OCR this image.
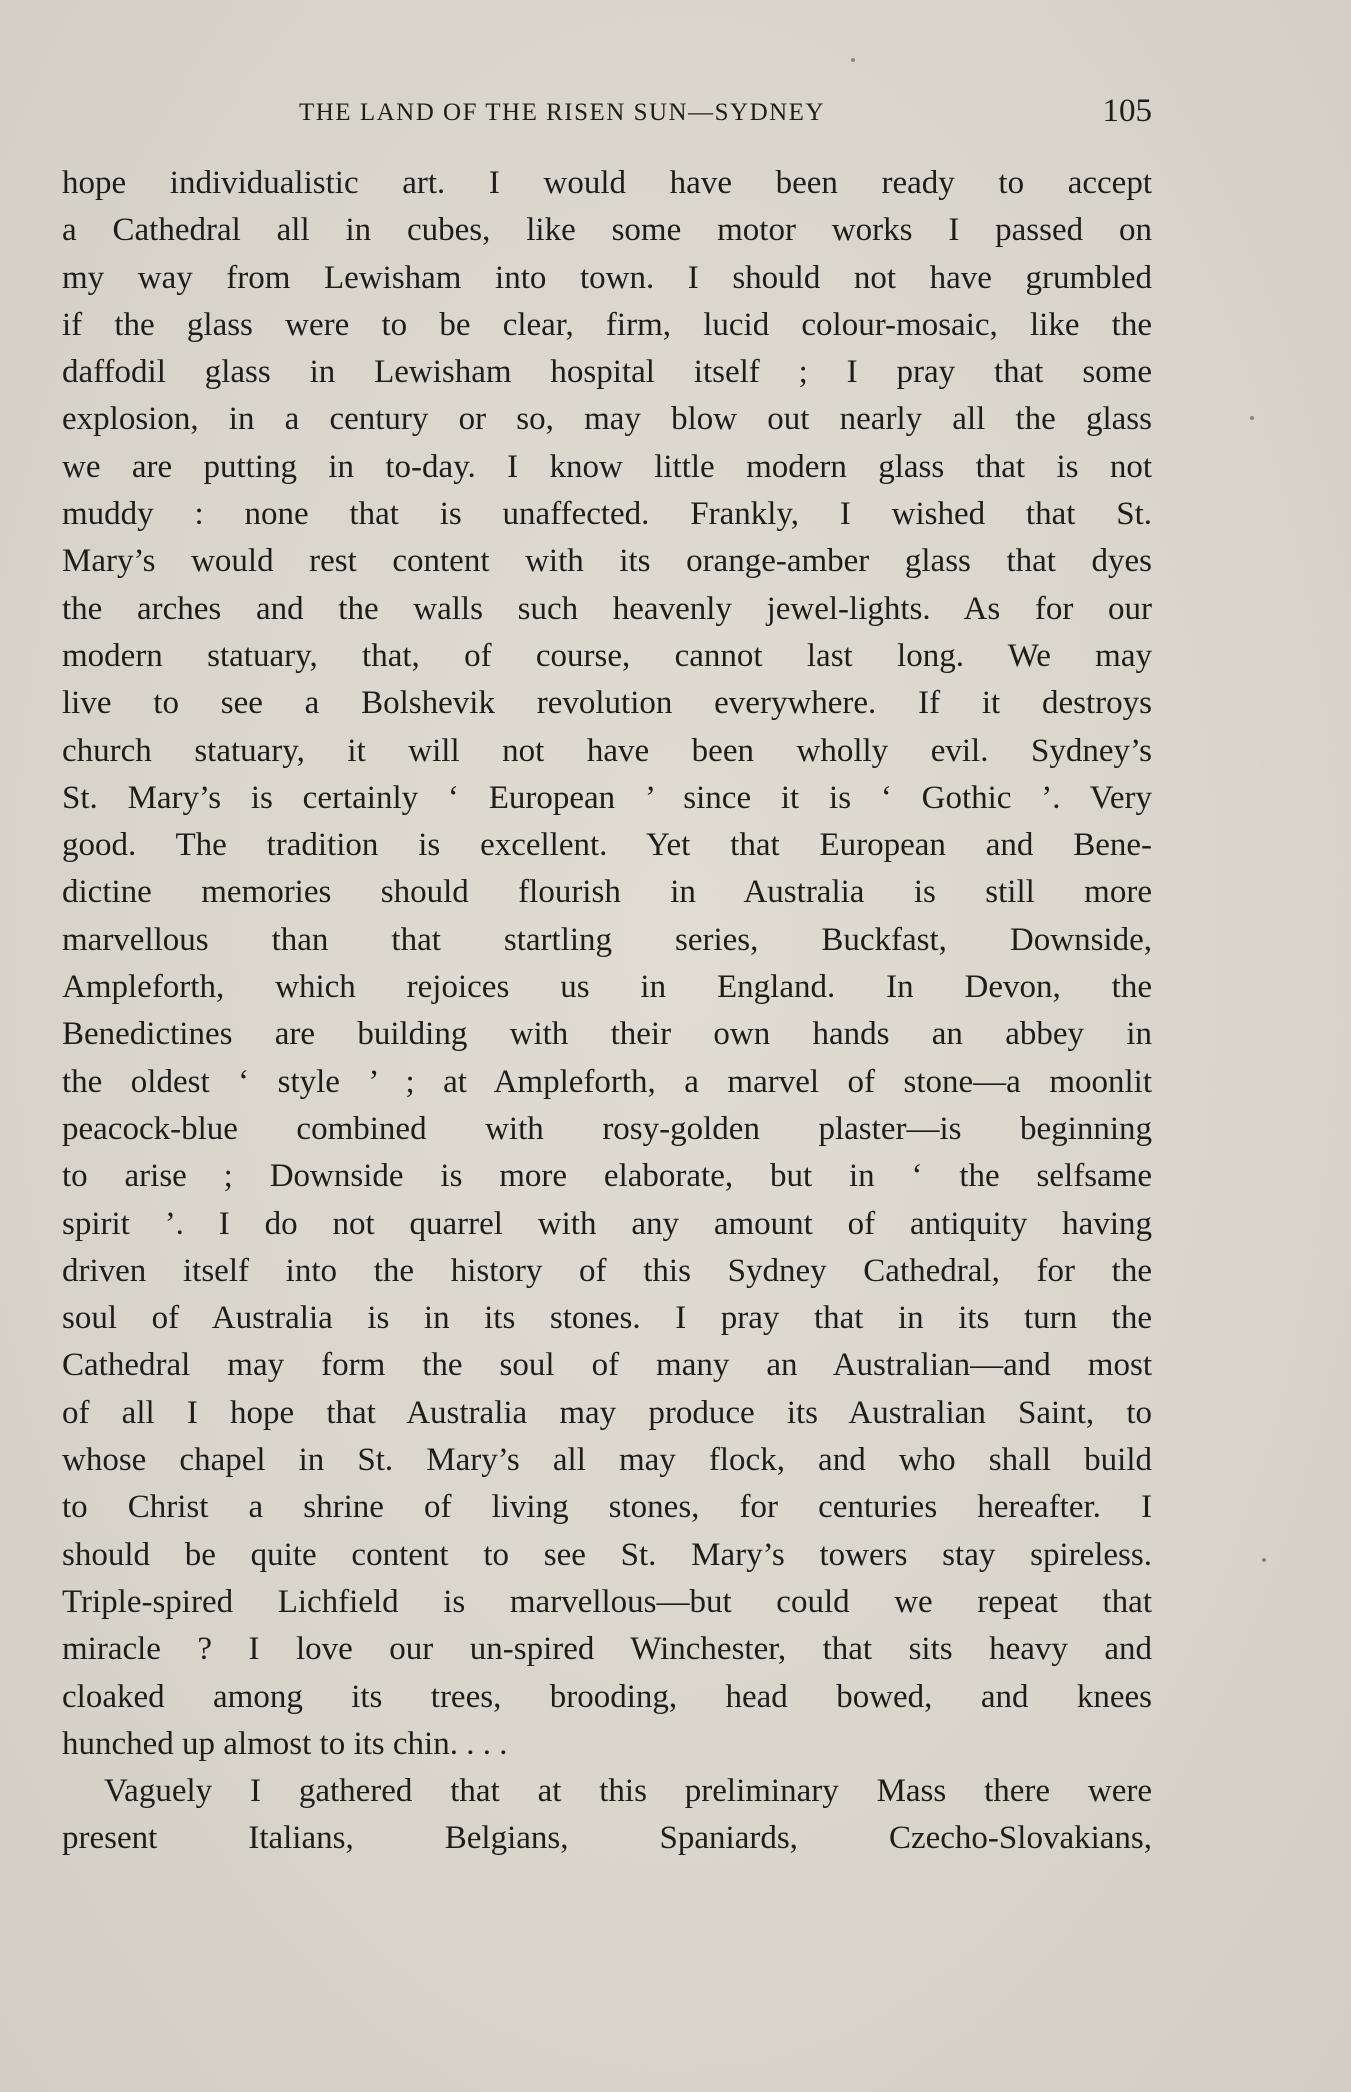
THE LAND OF THE RISEN SUN—SYDNEY	105
hope individualistic art. I would have been ready to accept
a Cathedral all in cubes, like some motor works I passed on
my way from Lewisham into town. I should not have grumbled
if the glass were to be clear, firm, lucid colour-mosaic, like the
daffodil glass in Lewisham hospital itself ; I pray that some
explosion, in a century or so, may blow out nearly all the glass
we are putting in to-day. I know little modern glass that is not
muddy : none that is unaffected. Frankly, I wished that St.
Mary’s would rest content with its orange-amber glass that dyes
the arches and the walls such heavenly jewel-lights. As for our
modern statuary, that, of course, cannot last long. We may
live to see a Bolshevik revolution everywhere. If it destroys
church statuary, it will not have been wholly evil. Sydney’s
St. Mary’s is certainly ‘ European ’ since it is ‘ Gothic ’. Very
good. The tradition is excellent. Yet that European and Bene-
dictine memories should flourish in Australia is still more
marvellous than that startling series, Buckfast, Downside,
Ampleforth, which rejoices us in England. In Devon, the
Benedictines are building with their own hands an abbey in
the oldest ‘ style ’ ; at Ampleforth, a marvel of stone—a moonlit
peacock-blue combined with rosy-golden plaster—is beginning
to arise ; Downside is more elaborate, but in ‘ the selfsame
spirit ’. I do not quarrel with any amount of antiquity having
driven itself into the history of this Sydney Cathedral, for the
soul of Australia is in its stones. I pray that in its turn the
Cathedral may form the soul of many an Australian—and most
of all I hope that Australia may produce its Australian Saint, to
whose chapel in St. Mary’s all may flock, and who shall build
to Christ a shrine of living stones, for centuries hereafter. I
should be quite content to see St. Mary’s towers stay spireless.
Triple-spired Lichfield is marvellous—but could we repeat that
miracle ? I love our un-spired Winchester, that sits heavy and
cloaked among its trees, brooding, head bowed, and knees
hunched up almost to its chin. . . .
Vaguely I gathered that at this preliminary Mass there were
present Italians, Belgians, Spaniards, Czecho-Slovakians,
